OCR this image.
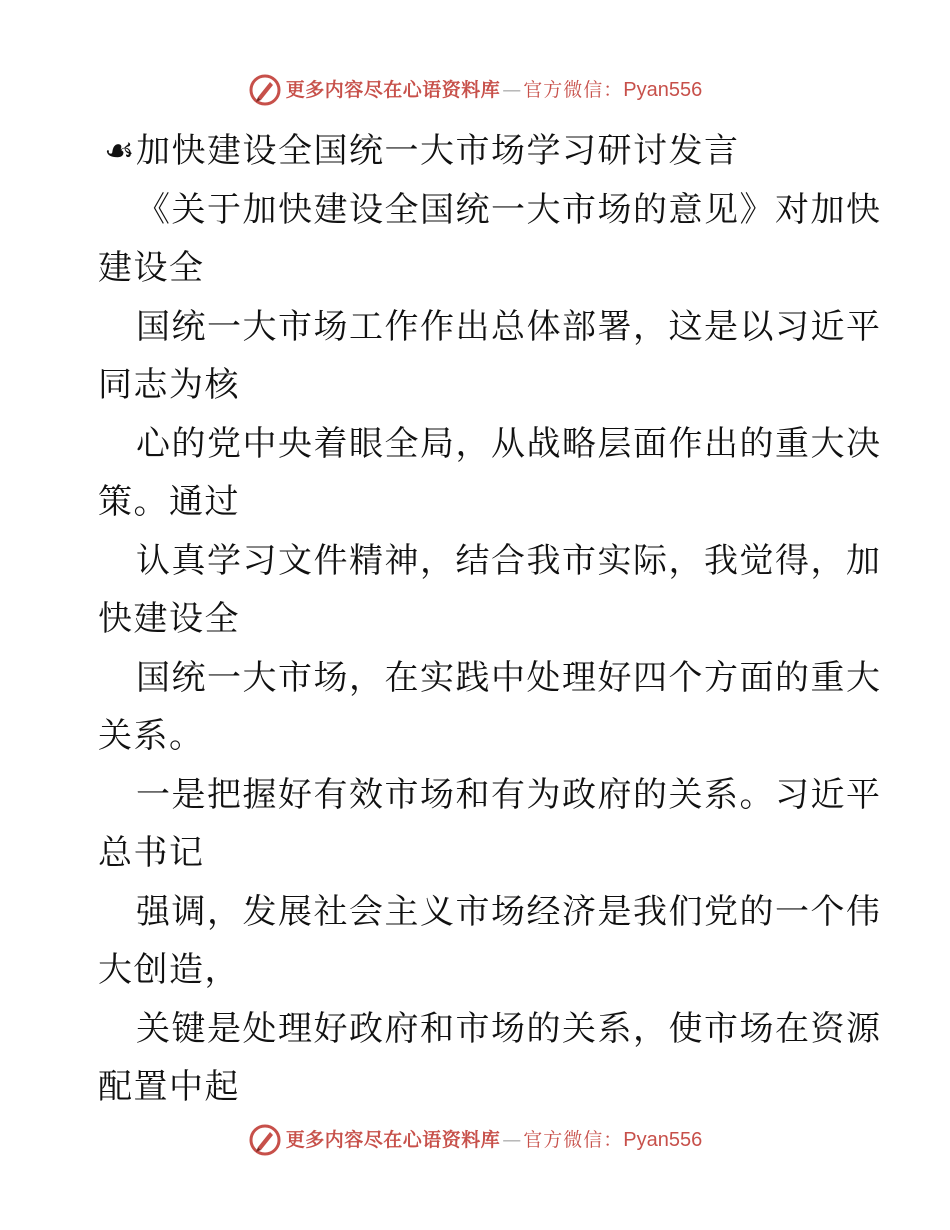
更多内容尽在心语资料库 — 官方微信： Pyan556
☙加快建设全国统一大市场学习研讨发言
《关于加快建设全国统一大市场的意见》对加快
建设全
国统一大市场工作作出总体部署，这是以习近平
同志为核
心的党中央着眼全局，从战略层面作出的重大决
策。通过
认真学习文件精神，结合我市实际，我觉得，加
快建设全
国统一大市场，在实践中处理好四个方面的重大
关系。
一是把握好有效市场和有为政府的关系。习近平
总书记
强调，发展社会主义市场经济是我们党的一个伟
大创造，
关键是处理好政府和市场的关系，使市场在资源
配置中起
更多内容尽在心语资料库 — 官方微信： Pyan556
